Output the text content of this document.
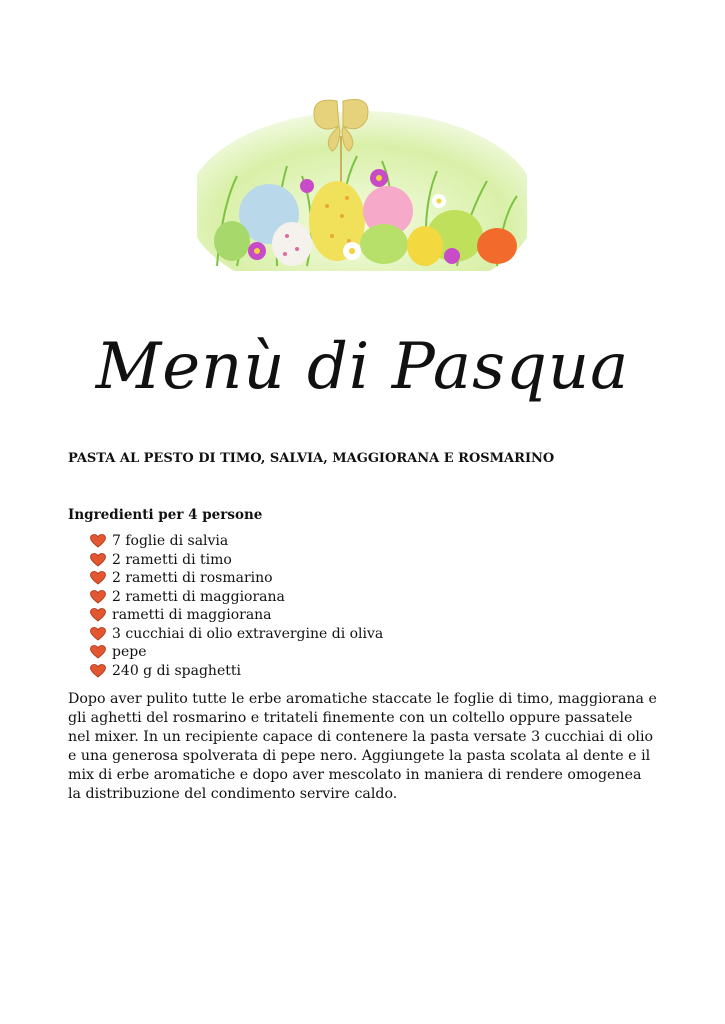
Menù di Pasqua
PASTA AL PESTO DI TIMO, SALVIA, MAGGIORANA E ROSMARINO
Ingredienti per 4 persone
7 foglie di salvia
2 rametti di timo
2 rametti di rosmarino
2 rametti di maggiorana
rametti di maggiorana
3 cucchiai di olio extravergine di oliva
pepe
240 g di spaghetti

Dopo aver pulito tutte le erbe aromatiche staccate le foglie di timo, maggiorana e gli aghetti del rosmarino e tritateli finemente con un coltello oppure passatele nel mixer. In un recipiente capace di contenere la pasta versate 3 cucchiai di olio e una generosa spolverata di pepe nero. Aggiungete la pasta scolata al dente e il mix di erbe aromatiche e dopo aver mescolato in maniera di rendere omogenea la distribuzione del condimento servire caldo.
